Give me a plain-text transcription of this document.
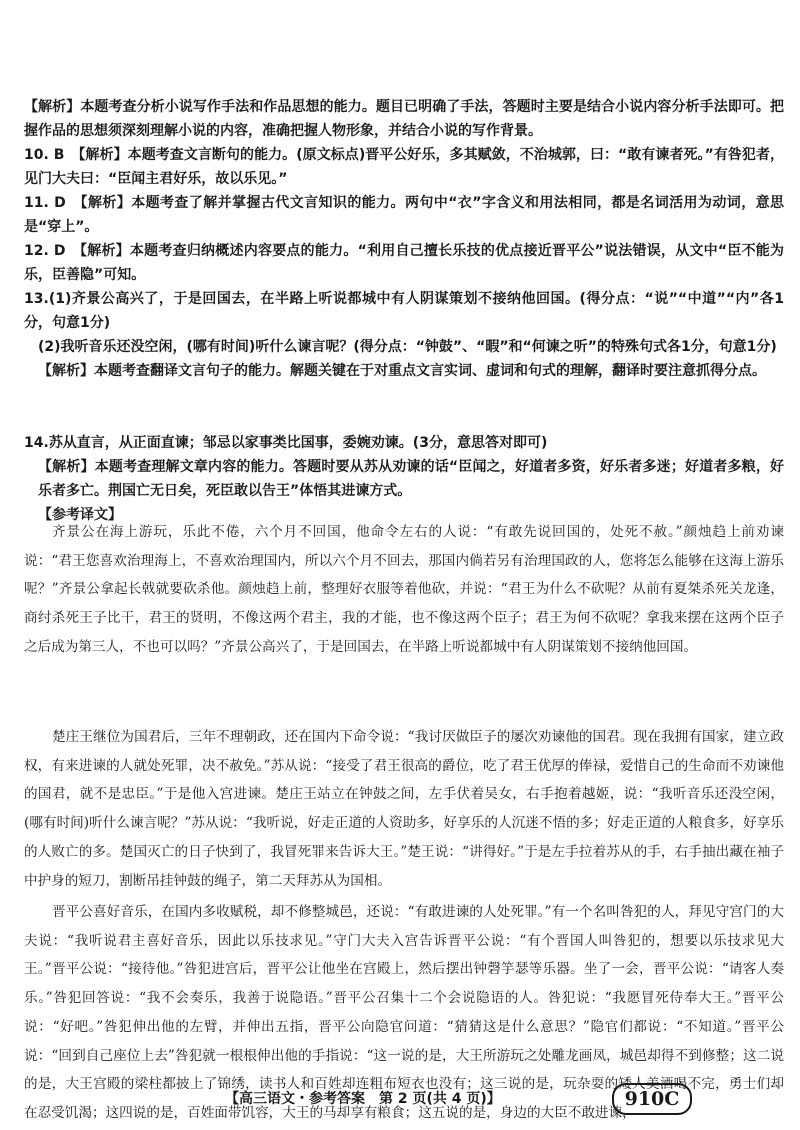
【解析】本题考查分析小说写作手法和作品思想的能力。题目已明确了手法，答题时主要是结合小说内容分析手法即可。把握作品的思想须深刻理解小说的内容，准确把握人物形象，并结合小说的写作背景。
10. B　 【解析】本题考查文言断句的能力。(原文标点)晋平公好乐，多其赋敛，不治城郭，曰：“敢有谏者死。”有咎犯者，见门大夫曰：“臣闻主君好乐，故以乐见。”
11. D　 【解析】本题考查了解并掌握古代文言知识的能力。两句中“衣”字含义和用法相同，都是名词活用为动词，意思是“穿上”。
12. D　 【解析】本题考查归纳概述内容要点的能力。“利用自己擅长乐技的优点接近晋平公”说法错误，从文中“臣不能为乐，臣善隐”可知。
13.(1)齐景公高兴了，于是回国去，在半路上听说都城中有人阴谋策划不接纳他回国。(得分点：“说”“中道”“内”各1分，句意1分)
(2)我听音乐还没空闲，(哪有时间)听什么谏言呢？(得分点：“钟鼓”、“暇”和“何谏之听”的特殊句式各1分，句意1分)
【解析】本题考查翻译文言句子的能力。解题关键在于对重点文言实词、虚词和句式的理解，翻译时要注意抓得分点。
14.苏从直言，从正面直谏；邹忌以家事类比国事，委婉劝谏。(3分，意思答对即可)
【解析】本题考查理解文章内容的能力。答题时要从苏从劝谏的话“臣闻之，好道者多资，好乐者多迷；好道者多粮，好乐者多亡。荆国亡无日矣，死臣敢以告王”体悟其进谏方式。
【参考译文】
齐景公在海上游玩，乐此不倦，六个月不回国，他命令左右的人说：“有敢先说回国的，处死不赦。”颜烛趋上前劝谏说：“君王您喜欢治理海上，不喜欢治理国内，所以六个月不回去，那国内倘若另有治理国政的人，您将怎么能够在这海上游乐呢？”齐景公拿起长戟就要砍杀他。颜烛趋上前，整理好衣服等着他砍，并说：“君王为什么不砍呢？从前有夏桀杀死关龙逢，商纣杀死王子比干，君王的贤明，不像这两个君主，我的才能，也不像这两个臣子；君王为何不砍呢？拿我来摆在这两个臣子之后成为第三人，不也可以吗？”齐景公高兴了，于是回国去，在半路上听说都城中有人阴谋策划不接纳他回国。
楚庄王继位为国君后，三年不理朝政，还在国内下命令说：“我讨厌做臣子的屡次劝谏他的国君。现在我拥有国家，建立政权，有来进谏的人就处死罪，决不赦免。”苏从说：“接受了君王很高的爵位，吃了君王优厚的俸禄，爱惜自己的生命而不劝谏他的国君，就不是忠臣。”于是他入宫进谏。楚庄王站立在钟鼓之间，左手伏着吴女，右手抱着越姬，说：“我听音乐还没空闲，(哪有时间)听什么谏言呢？”苏从说：“我听说，好走正道的人资助多，好享乐的人沉迷不悟的多；好走正道的人粮食多，好享乐的人败亡的多。楚国灭亡的日子快到了，我冒死罪来告诉大王。”楚王说：“讲得好。”于是左手拉着苏从的手，右手抽出藏在袖子中护身的短刀，割断吊挂钟鼓的绳子，第二天拜苏从为国相。
晋平公喜好音乐，在国内多收赋税，却不修整城邑，还说：“有敢进谏的人处死罪。”有一个名叫咎犯的人，拜见守宫门的大夫说：“我听说君主喜好音乐，因此以乐技求见。”守门大夫入宫告诉晋平公说：“有个晋国人叫咎犯的，想要以乐技求见大王。”晋平公说：“接待他。”咎犯进宫后，晋平公让他坐在宫殿上，然后摆出钟磬竽瑟等乐器。坐了一会，晋平公说：“请客人奏乐。”咎犯回答说：“我不会奏乐，我善于说隐语。”晋平公召集十二个会说隐语的人。咎犯说：“我愿冒死侍奉大王。”晋平公说：“好吧。”咎犯伸出他的左臂，并伸出五指，晋平公向隐官问道：“猜猜这是什么意思？”隐官们都说：“不知道。”晋平公说：“回到自己座位上去”咎犯就一根根伸出他的手指说：“这一说的是，大王所游玩之处雕龙画凤，城邑却得不到修整；这二说的是，大王宫殿的梁柱都披上了锦绣，读书人和百姓却连粗布短衣也没有；这三说的是，玩杂耍的矮人美酒喝不完，勇士们却在忍受饥渴；这四说的是，百姓面带饥容，大王的马却享有粮食；这五说的是，身边的大臣不敢进谏，
【高三语文・参考答案　第 2 页(共 4 页)】	910C
